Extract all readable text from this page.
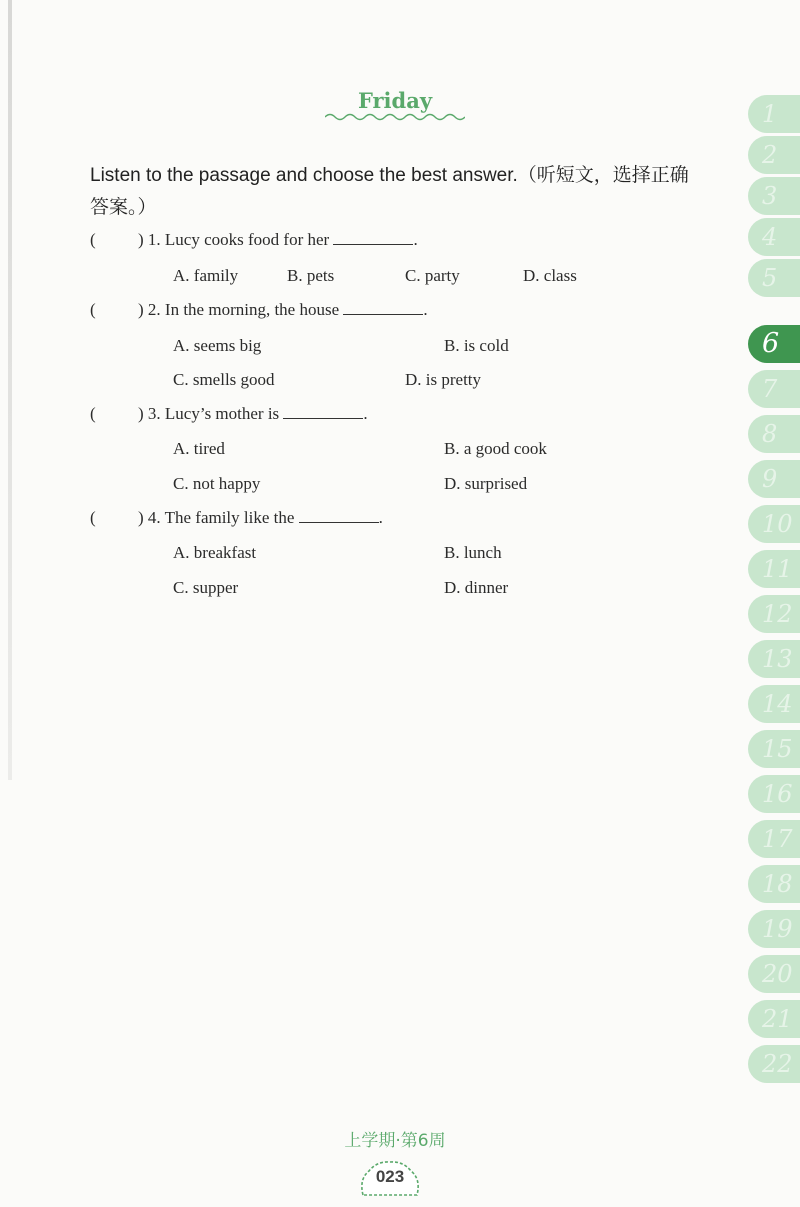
Friday
Listen to the passage and choose the best answer.（听短文，选择正确答案。）
( ) 1. Lucy cooks food for her	.
A. family	B. pets	C. party	D. class
( ) 2. In the morning, the house	.
A. seems big	B. is cold
C. smells good	D. is pretty
( ) 3. Lucy’s mother is	.
A. tired	B. a good cook
C. not happy	D. surprised
( ) 4. The family like the	.
A. breakfast	B. lunch
C. supper	D. dinner
1
2
3
4
5
6
7
8
9
10
11
12
13
14
15
16
17
18
19
20
21
22
上学期·第6周
023
